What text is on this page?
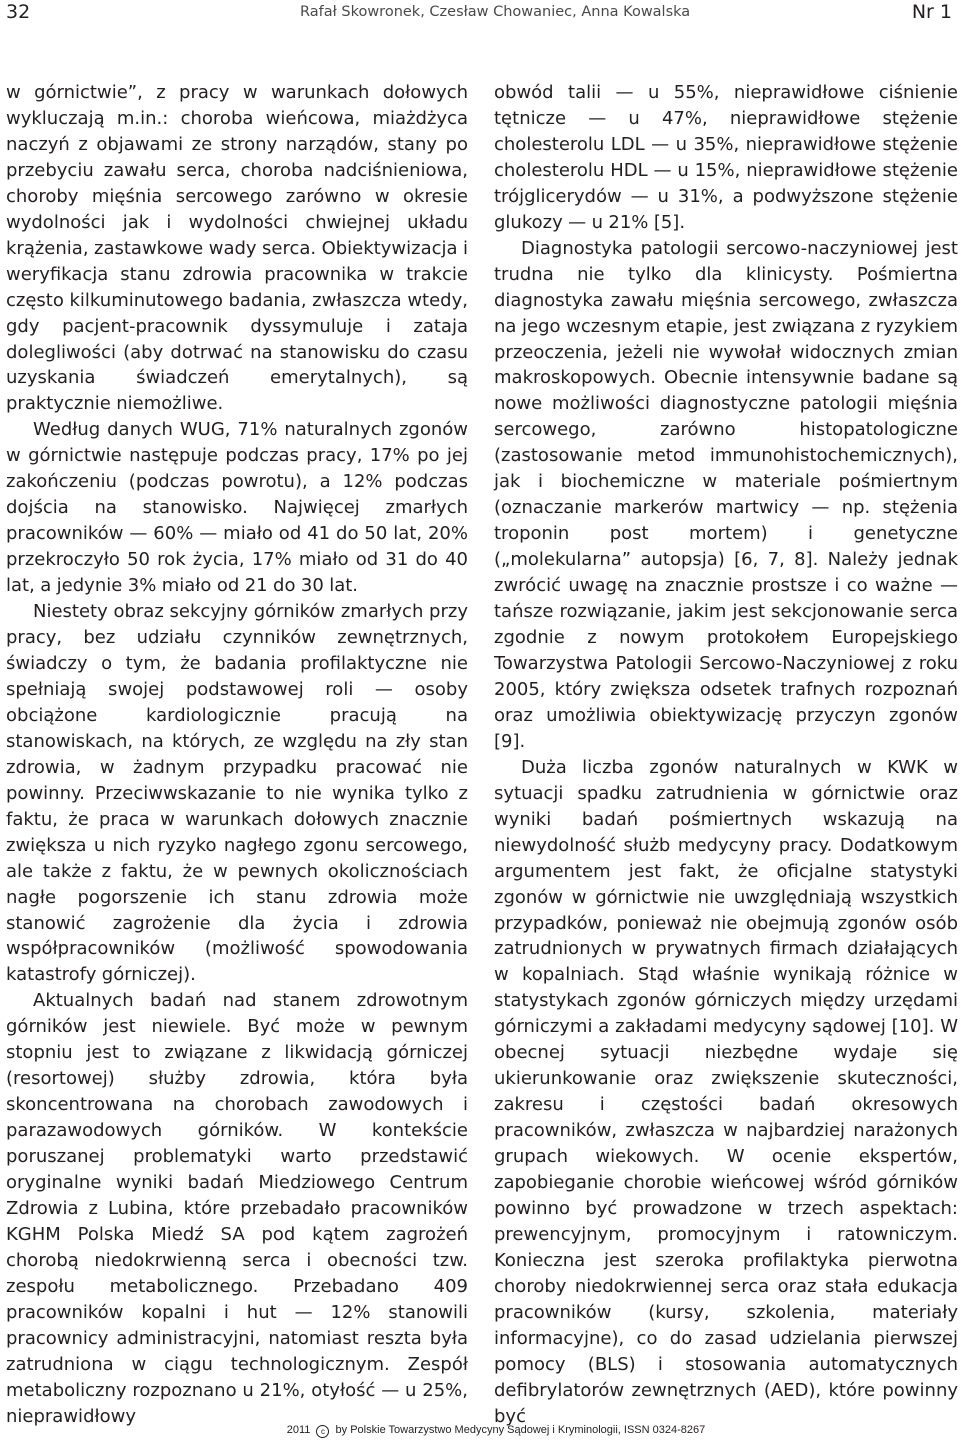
32	Rafał Skowronek, Czesław Chowaniec, Anna Kowalska	Nr 1

w górnictwie”, z pracy w warunkach dołowych wykluczają m.in.: choroba wieńcowa, miażdżyca naczyń z objawami ze strony narządów, stany po przebyciu zawału serca, choroba nadciśnieniowa, choroby mięśnia sercowego zarówno w okresie wydolności jak i wydolności chwiejnej układu krążenia, zastawkowe wady serca. Obiektywizacja i weryfikacja stanu zdrowia pracownika w trakcie często kilkuminutowego badania, zwłaszcza wtedy, gdy pacjent-pracownik dyssymuluje i zataja dolegliwości (aby dotrwać na stanowisku do czasu uzyskania świadczeń emerytalnych), są praktycznie niemożliwe.

Według danych WUG, 71% naturalnych zgonów w górnictwie następuje podczas pracy, 17% po jej zakończeniu (podczas powrotu), a 12% podczas dojścia na stanowisko. Najwięcej zmarłych pracowników — 60% — miało od 41 do 50 lat, 20% przekroczyło 50 rok życia, 17% miało od 31 do 40 lat, a jedynie 3% miało od 21 do 30 lat.

Niestety obraz sekcyjny górników zmarłych przy pracy, bez udziału czynników zewnętrznych, świadczy o tym, że badania profilaktyczne nie spełniają swojej podstawowej roli — osoby obciążone kardiologicznie pracują na stanowiskach, na których, ze względu na zły stan zdrowia, w żadnym przypadku pracować nie powinny. Przeciwwskazanie to nie wynika tylko z faktu, że praca w warunkach dołowych znacznie zwiększa u nich ryzyko nagłego zgonu sercowego, ale także z faktu, że w pewnych okolicznościach nagłe pogorszenie ich stanu zdrowia może stanowić zagrożenie dla życia i zdrowia współpracowników (możliwość spowodowania katastrofy górniczej).

Aktualnych badań nad stanem zdrowotnym górników jest niewiele. Być może w pewnym stopniu jest to związane z likwidacją górniczej (resortowej) służby zdrowia, która była skoncentrowana na chorobach zawodowych i parazawodowych górników. W kontekście poruszanej problematyki warto przedstawić oryginalne wyniki badań Miedziowego Centrum Zdrowia z Lubina, które przebadało pracowników KGHM Polska Miedź SA pod kątem zagrożeń chorobą niedokrwienną serca i obecności tzw. zespołu metabolicznego. Przebadano 409 pracowników kopalni i hut — 12% stanowili pracownicy administracyjni, natomiast reszta była zatrudniona w ciągu technologicznym. Zespół metaboliczny rozpoznano u 21%, otyłość — u 25%, nieprawidłowy

obwód talii — u 55%, nieprawidłowe ciśnienie tętnicze — u 47%, nieprawidłowe stężenie cholesterolu LDL — u 35%, nieprawidłowe stężenie cholesterolu HDL — u 15%, nieprawidłowe stężenie trójglicerydów — u 31%, a podwyższone stężenie glukozy — u 21% [5].

Diagnostyka patologii sercowo-naczyniowej jest trudna nie tylko dla klinicysty. Pośmiertna diagnostyka zawału mięśnia sercowego, zwłaszcza na jego wczesnym etapie, jest związana z ryzykiem przeoczenia, jeżeli nie wywołał widocznych zmian makroskopowych. Obecnie intensywnie badane są nowe możliwości diagnostyczne patologii mięśnia sercowego, zarówno histopatologiczne (zastosowanie metod immunohistochemicznych), jak i biochemiczne w materiale pośmiertnym (oznaczanie markerów martwicy — np. stężenia troponin post mortem) i genetyczne („molekularna” autopsja) [6, 7, 8]. Należy jednak zwrócić uwagę na znacznie prostsze i co ważne — tańsze rozwiązanie, jakim jest sekcjonowanie serca zgodnie z nowym protokołem Europejskiego Towarzystwa Patologii Sercowo-Naczyniowej z roku 2005, który zwiększa odsetek trafnych rozpoznań oraz umożliwia obiektywizację przyczyn zgonów [9].

Duża liczba zgonów naturalnych w KWK w sytuacji spadku zatrudnienia w górnictwie oraz wyniki badań pośmiertnych wskazują na niewydolność służb medycyny pracy. Dodatkowym argumentem jest fakt, że oficjalne statystyki zgonów w górnictwie nie uwzględniają wszystkich przypadków, ponieważ nie obejmują zgonów osób zatrudnionych w prywatnych firmach działających w kopalniach. Stąd właśnie wynikają różnice w statystykach zgonów górniczych między urzędami górniczymi a zakładami medycyny sądowej [10]. W obecnej sytuacji niezbędne wydaje się ukierunkowanie oraz zwiększenie skuteczności, zakresu i częstości badań okresowych pracowników, zwłaszcza w najbardziej narażonych grupach wiekowych. W ocenie ekspertów, zapobieganie chorobie wieńcowej wśród górników powinno być prowadzone w trzech aspektach: prewencyjnym, promocyjnym i ratowniczym. Konieczna jest szeroka profilaktyka pierwotna choroby niedokrwiennej serca oraz stała edukacja pracowników (kursy, szkolenia, materiały informacyjne), co do zasad udzielania pierwszej pomocy (BLS) i stosowania automatycznych defibrylatorów zewnętrznych (AED), które powinny być

2011 c by Polskie Towarzystwo Medycyny Sądowej i Kryminologii, ISSN 0324-8267
